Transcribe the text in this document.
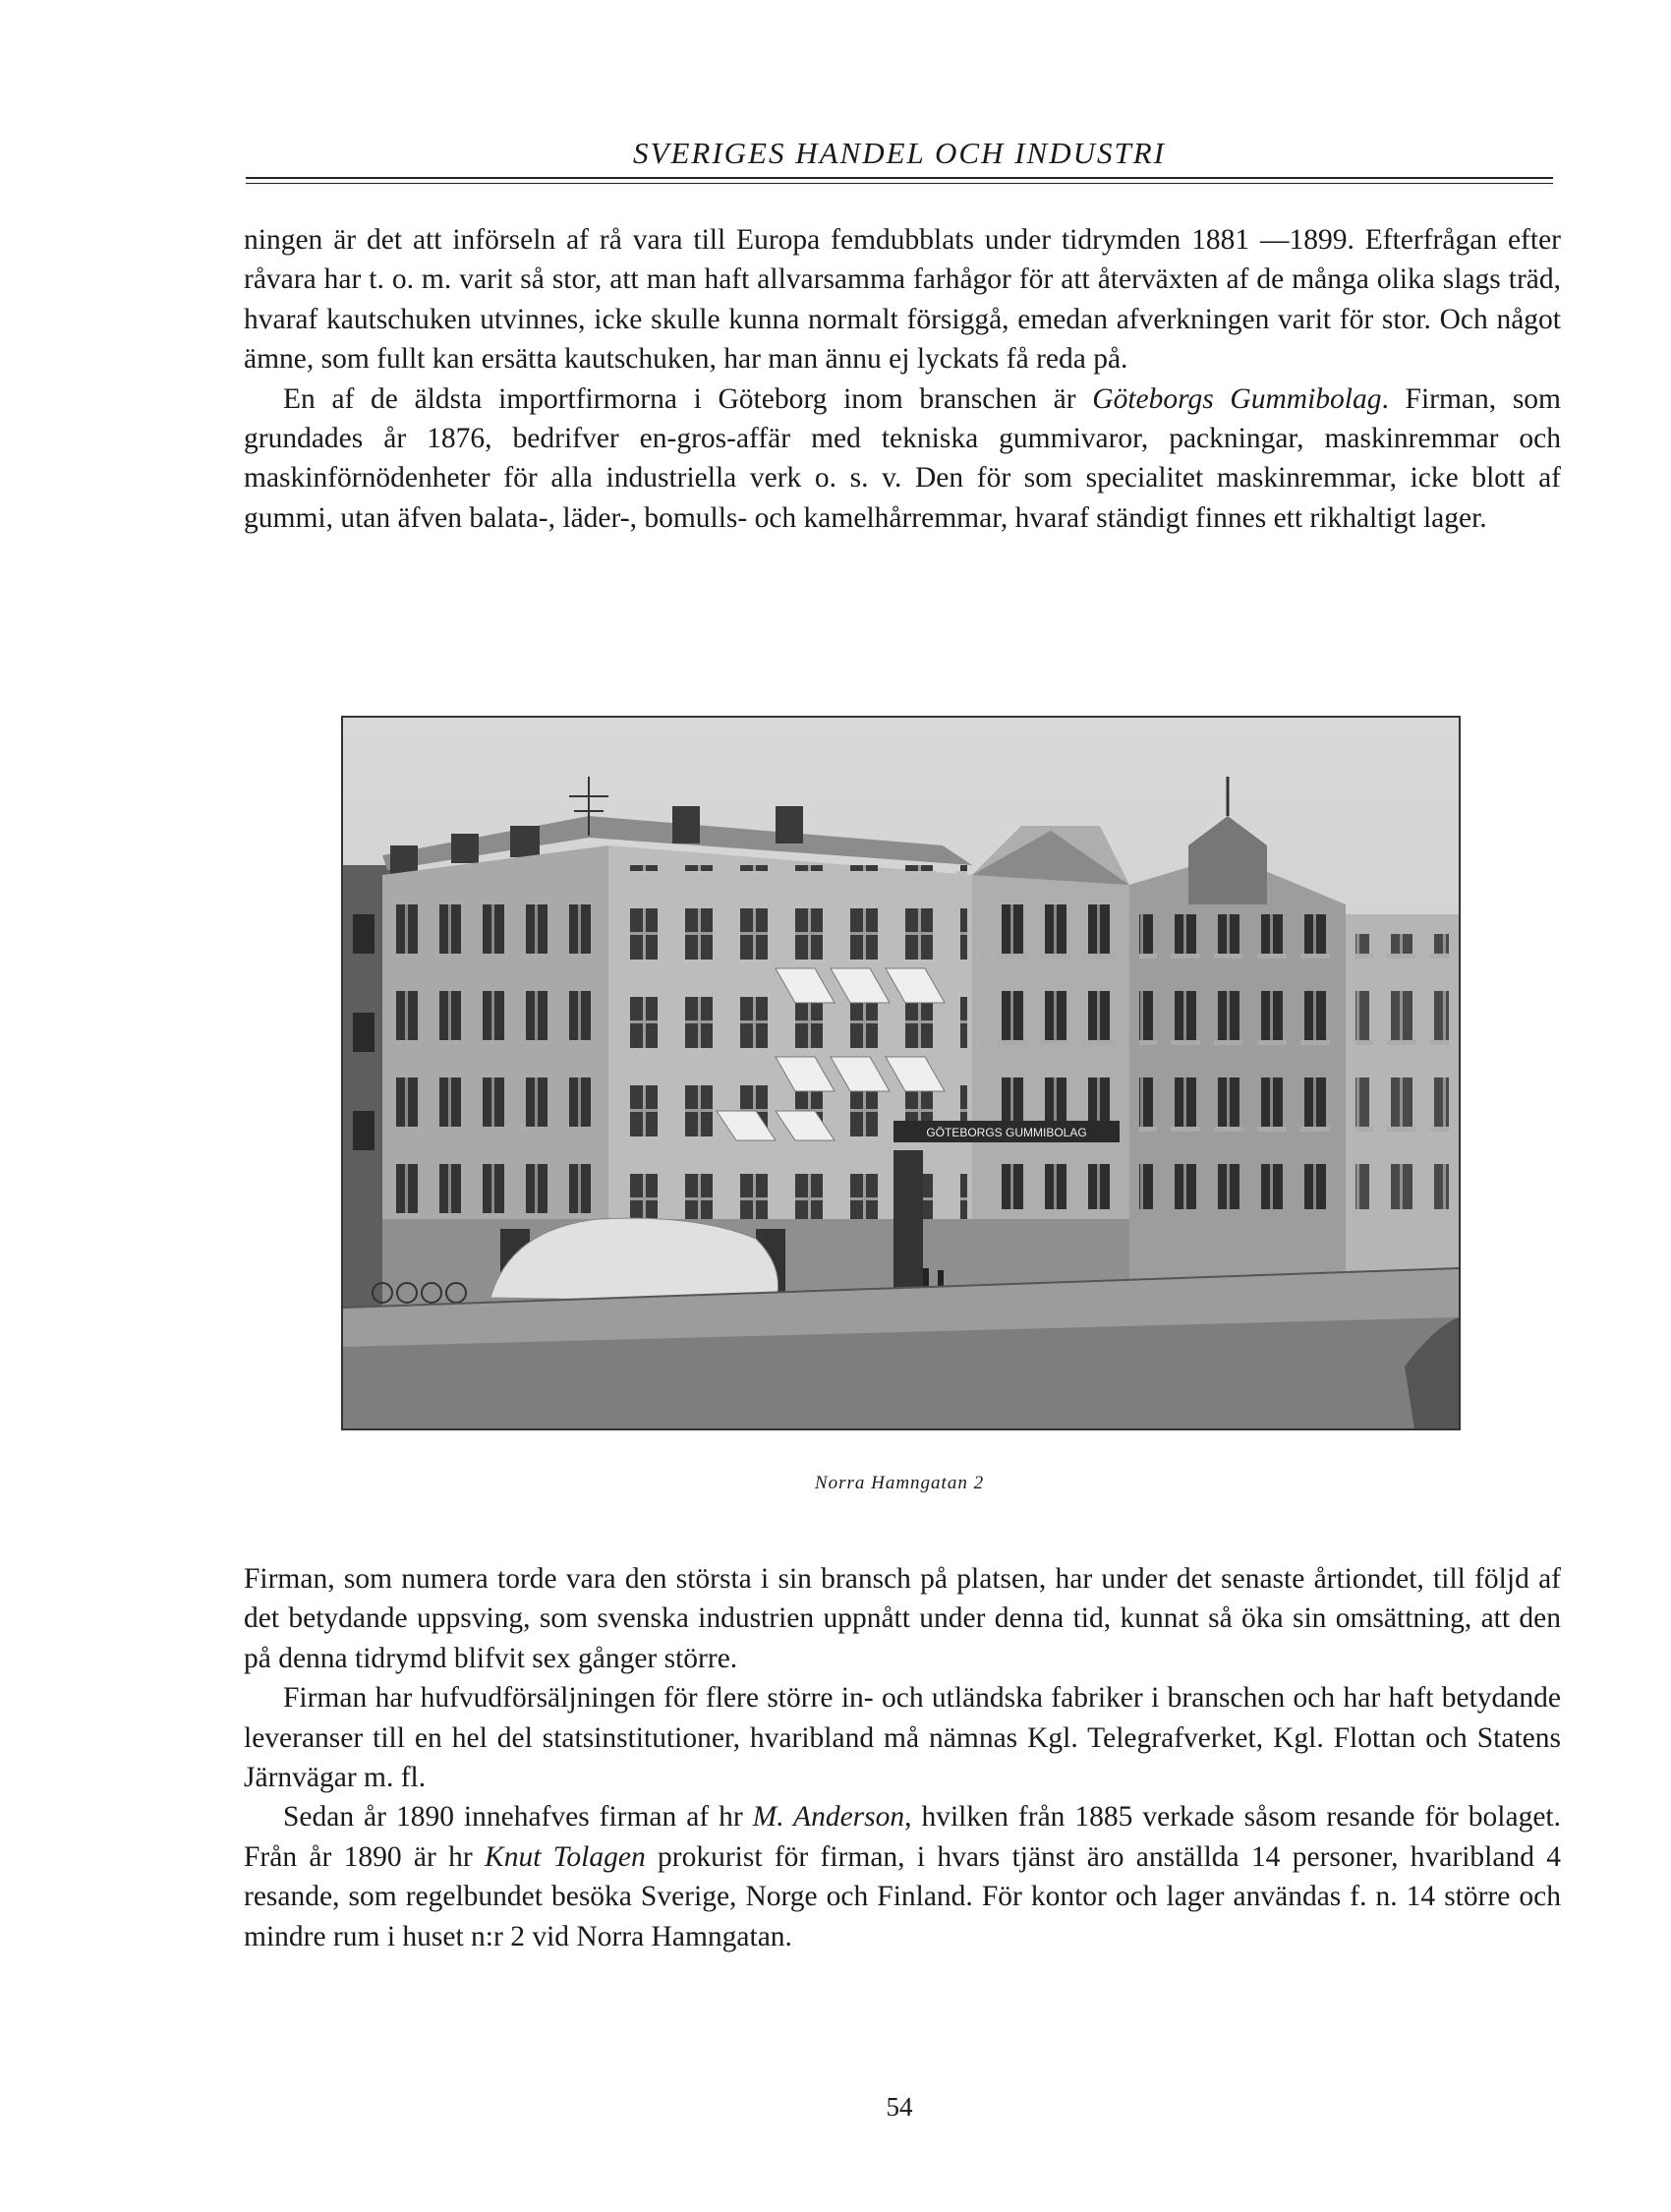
SVERIGES HANDEL OCH INDUSTRI

ningen är det att införseln af rå vara till Europa femdubblats under tidrymden 1881 —1899. Efterfrågan efter råvara har t. o. m. varit så stor, att man haft allvarsamma farhågor för att återväxten af de många olika slags träd, hvaraf kautschuken utvinnes, icke skulle kunna normalt försiggå, emedan afverkningen varit för stor. Och något ämne, som fullt kan ersätta kautschuken, har man ännu ej lyckats få reda på.

En af de äldsta importfirmorna i Göteborg inom branschen är Göteborgs Gummibolag. Firman, som grundades år 1876, bedrifver en-gros-affär med tekniska gummivaror, packningar, maskinremmar och maskinförnödenheter för alla industriella verk o. s. v. Den för som specialitet maskinremmar, icke blott af gummi, utan äfven balata-, läder-, bomulls- och kamelhårremmar, hvaraf ständigt finnes ett rikhaltigt lager.

GÖTEBORGS GUMMIBOLAG
Norra Hamngatan 2

Firman, som numera torde vara den största i sin bransch på platsen, har under det senaste årtiondet, till följd af det betydande uppsving, som svenska industrien uppnått under denna tid, kunnat så öka sin omsättning, att den på denna tidrymd blifvit sex gånger större.

Firman har hufvudförsäljningen för flere större in- och utländska fabriker i branschen och har haft betydande leveranser till en hel del statsinstitutioner, hvaribland må nämnas Kgl. Telegrafverket, Kgl. Flottan och Statens Järnvägar m. fl.

Sedan år 1890 innehafves firman af hr M. Anderson, hvilken från 1885 verkade såsom resande för bolaget. Från år 1890 är hr Knut Tolagen prokurist för firman, i hvars tjänst äro anställda 14 personer, hvaribland 4 resande, som regelbundet besöka Sverige, Norge och Finland. För kontor och lager användas f. n. 14 större och mindre rum i huset n:r 2 vid Norra Hamngatan.

54
